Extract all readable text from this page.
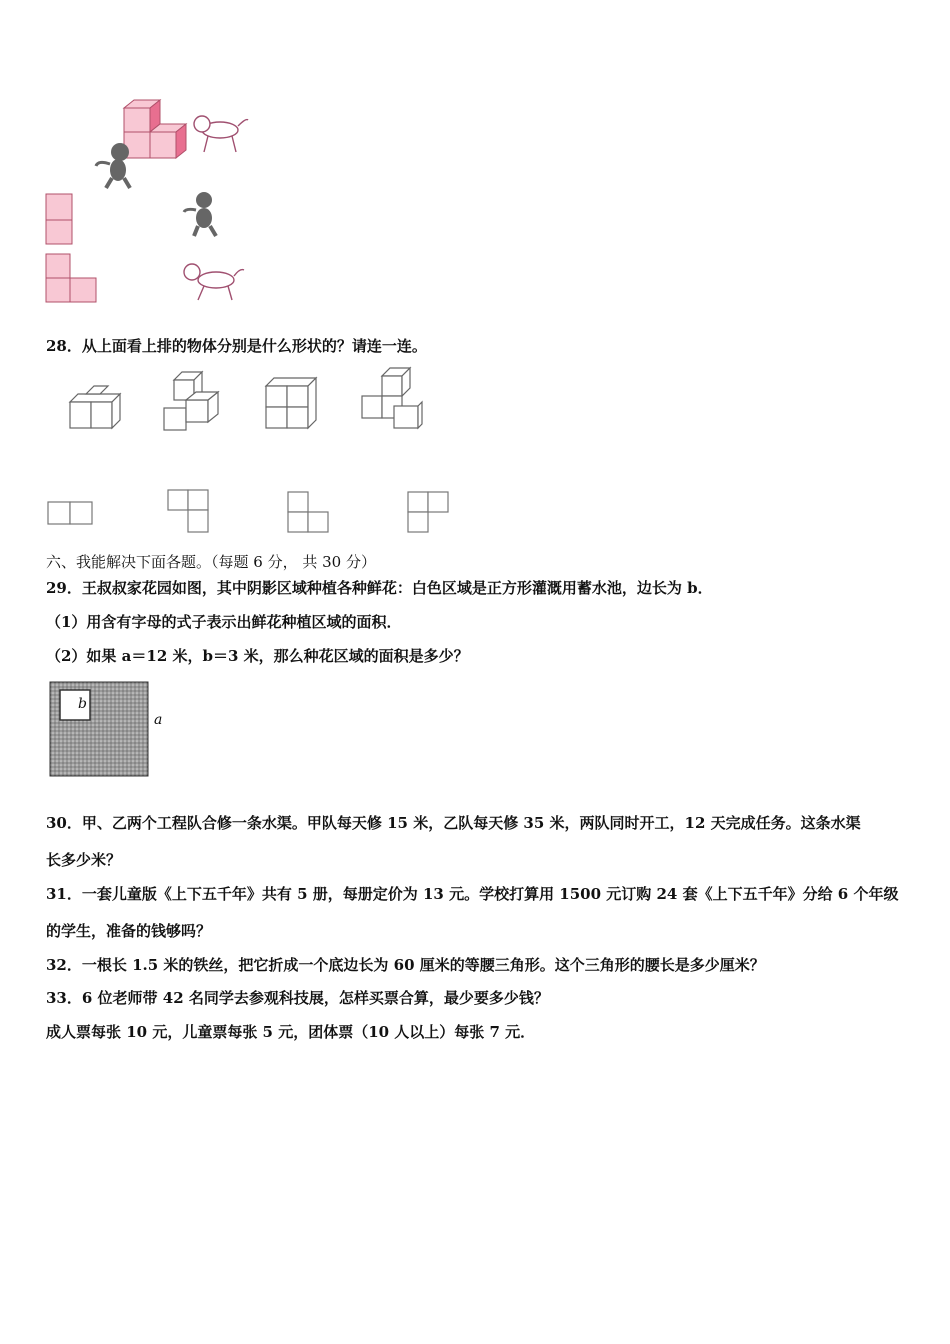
28．从上面看上排的物体分别是什么形状的？请连一连。
六、我能解决下面各题。（每题 6 分， 共 30 分）
29．王叔叔家花园如图，其中阴影区域种植各种鲜花：白色区域是正方形灌溉用蓄水池，边长为 b．
（1）用含有字母的式子表示出鲜花种植区域的面积．
（2）如果 a＝12 米，b＝3 米，那么种花区域的面积是多少？
b
a
30．甲、乙两个工程队合修一条水渠。甲队每天修 15 米，乙队每天修 35 米，两队同时开工，12 天完成任务。这条水渠
长多少米？
31．一套儿童版《上下五千年》共有 5 册，每册定价为 13 元。学校打算用 1500 元订购 24 套《上下五千年》分给 6 个年级
的学生，准备的钱够吗？
32．一根长 1.5 米的铁丝，把它折成一个底边长为 60 厘米的等腰三角形。这个三角形的腰长是多少厘米？
33．6 位老师带 42 名同学去参观科技展，怎样买票合算，最少要多少钱？
成人票每张 10 元，儿童票每张 5 元，团体票（10 人以上）每张 7 元．
